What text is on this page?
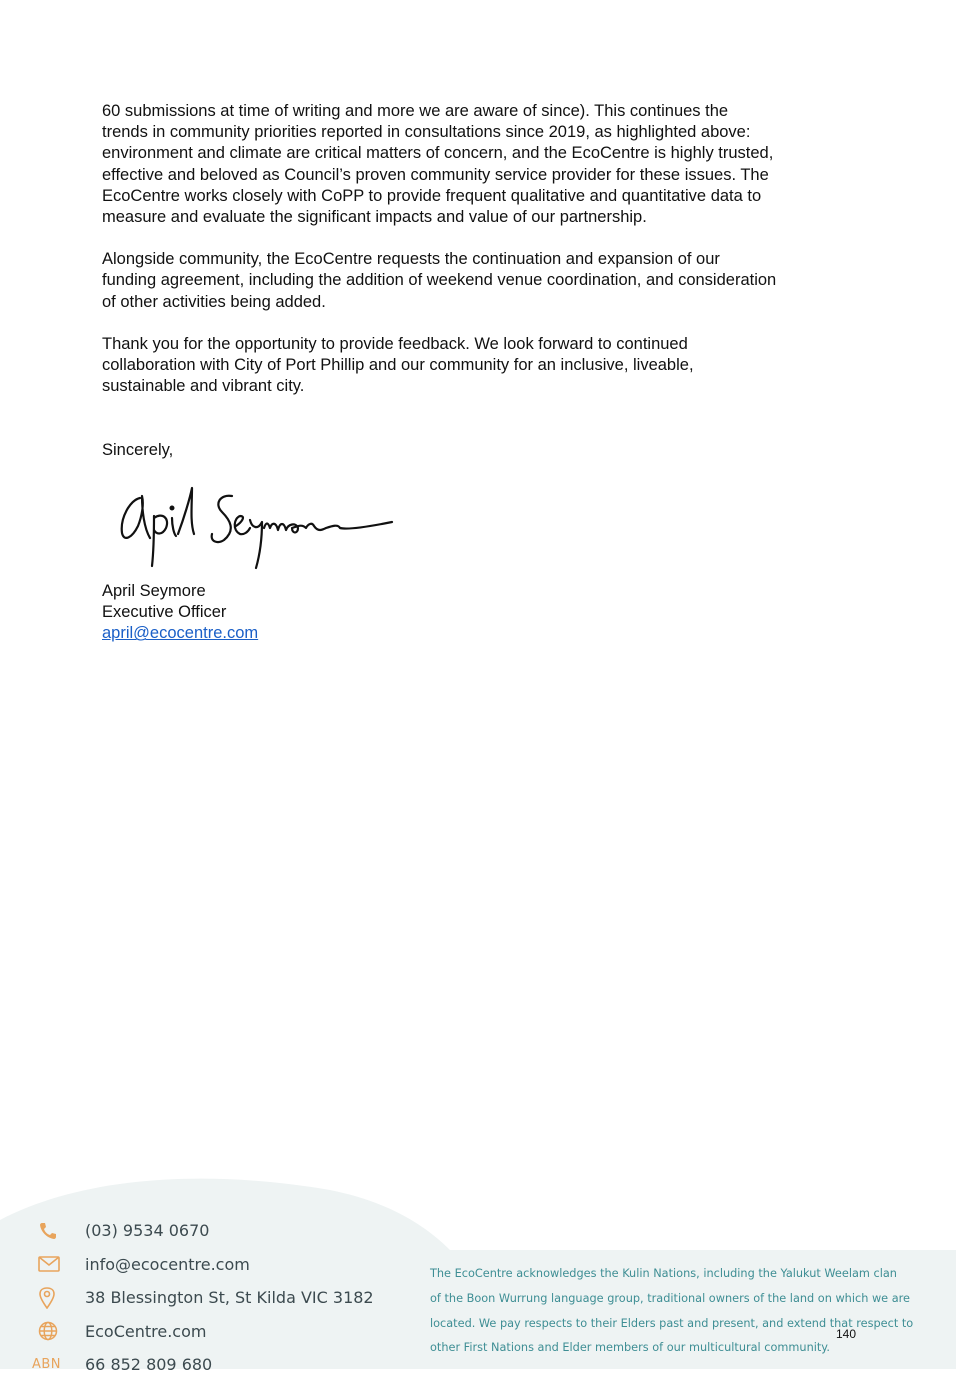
60 submissions at time of writing and more we are aware of since). This continues the
trends in community priorities reported in consultations since 2019, as highlighted above:
environment and climate are critical matters of concern, and the EcoCentre is highly trusted,
effective and beloved as Council’s proven community service provider for these issues. The
EcoCentre works closely with CoPP to provide frequent qualitative and quantitative data to
measure and evaluate the significant impacts and value of our partnership.

Alongside community, the EcoCentre requests the continuation and expansion of our
funding agreement, including the addition of weekend venue coordination, and consideration
of other activities being added.

Thank you for the opportunity to provide feedback. We look forward to continued
collaboration with City of Port Phillip and our community for an inclusive, liveable,
sustainable and vibrant city.

Sincerely,
April Seymore
Executive Officer
april@ecocentre.com
(03) 9534 0670
info@ecocentre.com
38 Blessington St, St Kilda VIC 3182
EcoCentre.com
ABN	66 852 809 680
The EcoCentre acknowledges the Kulin Nations, including the Yalukut Weelam clan
of the Boon Wurrung language group, traditional owners of the land on which we are
located. We pay respects to their Elders past and present, and extend that respect to
other First Nations and Elder members of our multicultural community.
140
